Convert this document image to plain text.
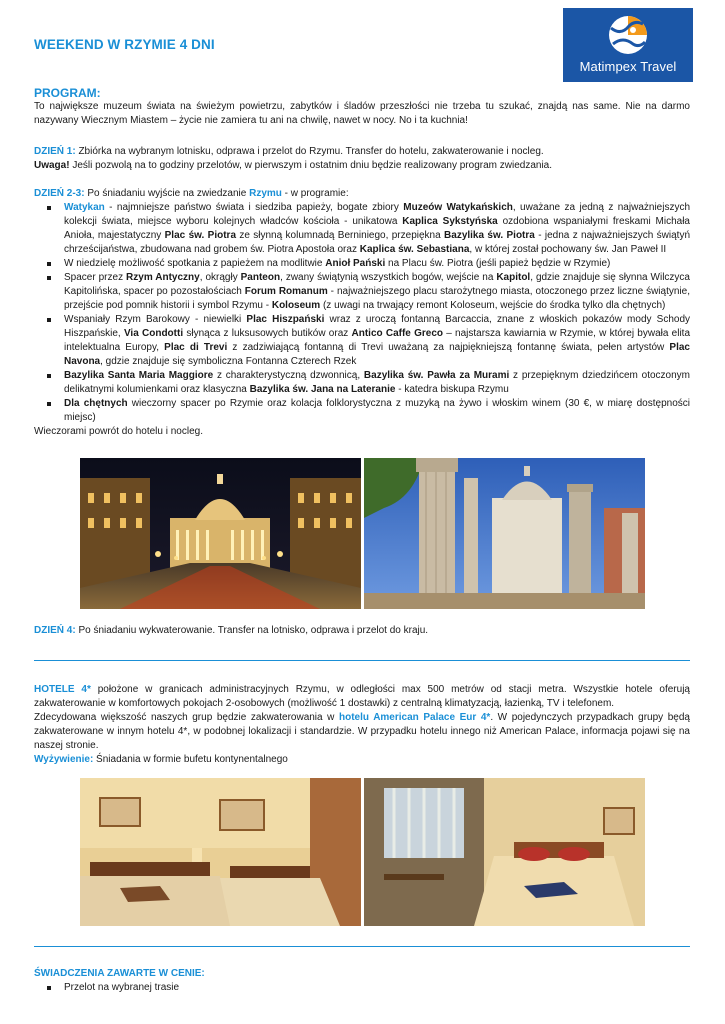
WEEKEND W RZYMIE 4 DNI
Matimpex Travel
PROGRAM:
To największe muzeum świata na świeżym powietrzu, zabytków i śladów przeszłości nie trzeba tu szukać, znajdą nas same. Nie na darmo nazywany Wiecznym Miastem – życie nie zamiera tu ani na chwilę, nawet w nocy. No i ta kuchnia!
DZIEŃ 1: Zbiórka na wybranym lotnisku, odprawa i przelot do Rzymu. Transfer do hotelu, zakwaterowanie i nocleg.
Uwaga! Jeśli pozwolą na to godziny przelotów, w pierwszym i ostatnim dniu będzie realizowany program zwiedzania.
DZIEŃ 2-3: Po śniadaniu wyjście na zwiedzanie Rzymu - w programie:
Watykan - najmniejsze państwo świata i siedziba papieży, bogate zbiory Muzeów Watykańskich, uważane za jedną z najważniejszych kolekcji świata, miejsce wyboru kolejnych władców kościoła - unikatowa Kaplica Sykstyńska ozdobiona wspaniałymi freskami Michała Anioła, majestatyczny Plac św. Piotra ze słynną kolumnadą Berniniego, przepiękna Bazylika św. Piotra - jedna z najważniejszych świątyń chrześcijaństwa, zbudowana nad grobem św. Piotra Apostoła oraz Kaplica św. Sebastiana, w której został pochowany św. Jan Paweł II
W niedzielę możliwość spotkania z papieżem na modlitwie Anioł Pański na Placu św. Piotra (jeśli papież będzie w Rzymie)
Spacer przez Rzym Antyczny, okrągły Panteon, zwany świątynią wszystkich bogów, wejście na Kapitol, gdzie znajduje się słynna Wilczyca Kapitolińska, spacer po pozostałościach Forum Romanum - najważniejszego placu starożytnego miasta, otoczonego przez liczne świątynie, przejście pod pomnik historii i symbol Rzymu - Koloseum (z uwagi na trwający remont Koloseum, wejście do środka tylko dla chętnych)
Wspaniały Rzym Barokowy - niewielki Plac Hiszpański wraz z uroczą fontanną Barcaccia, znane z włoskich pokazów mody Schody Hiszpańskie, Via Condotti słynąca z luksusowych butików oraz Antico Caffe Greco – najstarsza kawiarnia w Rzymie, w której bywała elita intelektualna Europy, Plac di Trevi z zadziwiającą fontanną di Trevi uważaną za najpiękniejszą fontannę świata, pełen artystów Plac Navona, gdzie znajduje się symboliczna Fontanna Czterech Rzek
Bazylika Santa Maria Maggiore z charakterystyczną dzwonnicą, Bazylika św. Pawła za Murami z przepięknym dziedzińcem otoczonym delikatnymi kolumienkami oraz klasyczna Bazylika św. Jana na Lateranie - katedra biskupa Rzymu
Dla chętnych wieczorny spacer po Rzymie oraz kolacja folklorystyczna z muzyką na żywo i włoskim winem (30 €, w miarę dostępności miejsc)
Wieczorami powrót do hotelu i nocleg.
DZIEŃ 4: Po śniadaniu wykwaterowanie. Transfer na lotnisko, odprawa i przelot do kraju.
HOTELE 4* położone w granicach administracyjnych Rzymu, w odległości max 500 metrów od stacji metra. Wszystkie hotele oferują zakwaterowanie w komfortowych pokojach 2-osobowych (możliwość 1 dostawki) z centralną klimatyzacją, łazienką, TV i telefonem.
Zdecydowana większość naszych grup będzie zakwaterowania w hotelu American Palace Eur 4*. W pojedynczych przypadkach grupy będą zakwaterowane w innym hotelu 4*, w podobnej lokalizacji i standardzie. W przypadku hotelu innego niż American Palace, informacja pojawi się na naszej stronie.
Wyżywienie: Śniadania w formie bufetu kontynentalnego
ŚWIADCZENIA ZAWARTE W CENIE:
Przelot na wybranej trasie
